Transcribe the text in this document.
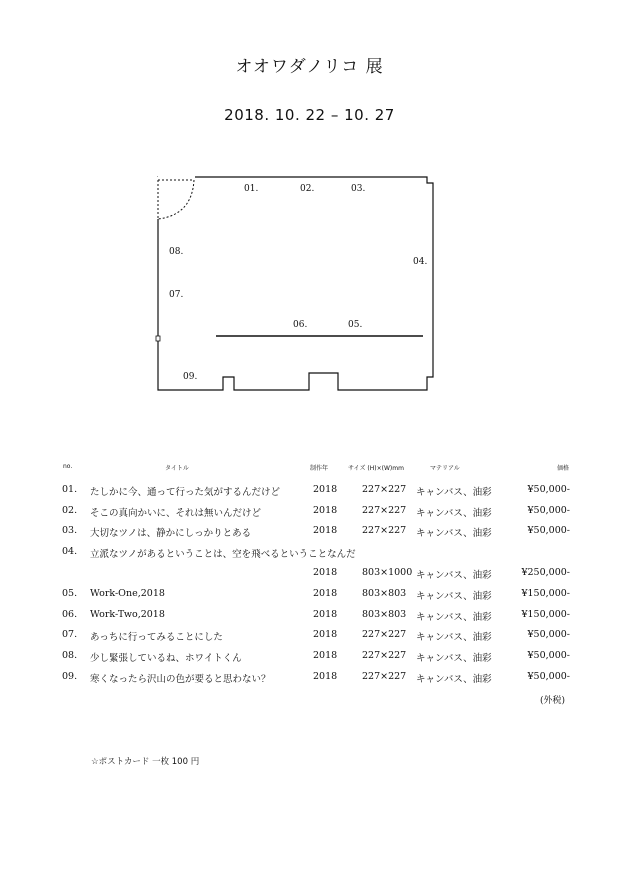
オオワダノリコ 展
2018. 10. 22 – 10. 27
01.	02.	03.
04.
05.
06.
07.
08.
09.
no.	タイトル	制作年	サイズ (H)×(W)mm	マテリアル	価格
01. たしかに今、通って行った気がするんだけど	2018	227×227 キャンバス、油彩	¥50,000-
02. そこの真向かいに、それは無いんだけど	2018	227×227 キャンバス、油彩	¥50,000-
03. 大切なツノは、静かにしっかりとある	2018	227×227 キャンバス、油彩	¥50,000-
04. 立派なツノがあるということは、空を飛べるということなんだ
2018	803×1000 キャンバス、油彩	¥250,000-
05. Work-One,2018	2018	803×803 キャンバス、油彩	¥150,000-
06. Work-Two,2018	2018	803×803 キャンバス、油彩	¥150,000-
07. あっちに行ってみることにした	2018	227×227 キャンバス、油彩	¥50,000-
08. 少し緊張しているね、ホワイトくん	2018	227×227 キャンバス、油彩	¥50,000-
09. 寒くなったら沢山の色が要ると思わない？	2018	227×227 キャンバス、油彩	¥50,000-
(外税)
☆ポストカード 一枚 100 円
